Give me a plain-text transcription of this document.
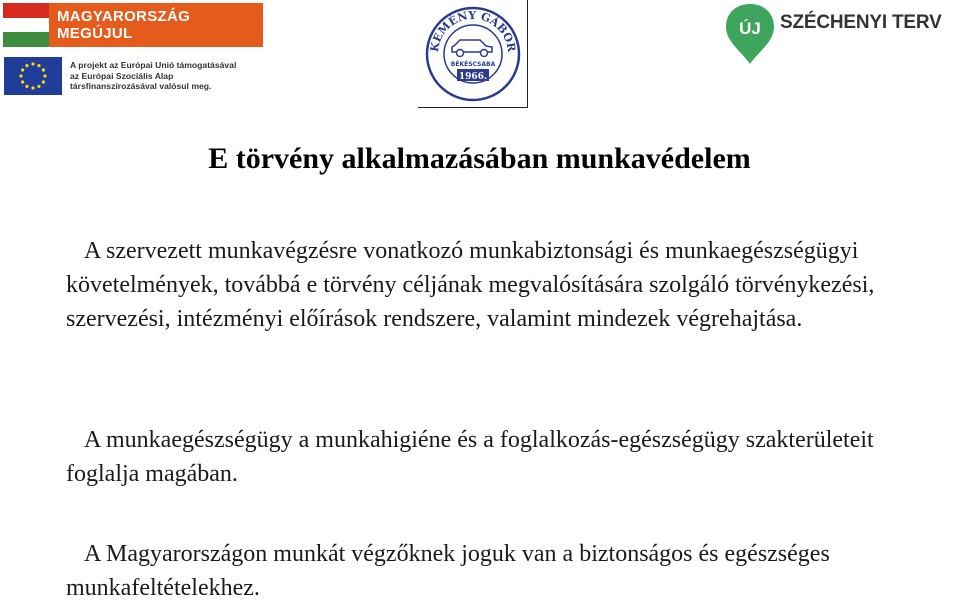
MAGYARORSZÁG MEGÚJUL
A projekt az Európai Unió támogatásával
az Európai Szociális Alap
társfinanszírozásával valósul meg.
KEMÉNY GÁBOR
BÉKÉSCSABA
1966.
ÚJ SZÉCHENYI TERV
E törvény alkalmazásában munkavédelem

A szervezett munkavégzésre vonatkozó munkabiztonsági és munkaegészségügyi követelmények, továbbá e törvény céljának megvalósítására szolgáló törvénykezési, szervezési, intézményi előírások rendszere, valamint mindezek végrehajtása.

A munkaegészségügy a munkahigiéne és a foglalkozás-egészségügy szakterületeit foglalja magában.

A Magyarországon munkát végzőknek joguk van a biztonságos és egészséges munkafeltételekhez.
